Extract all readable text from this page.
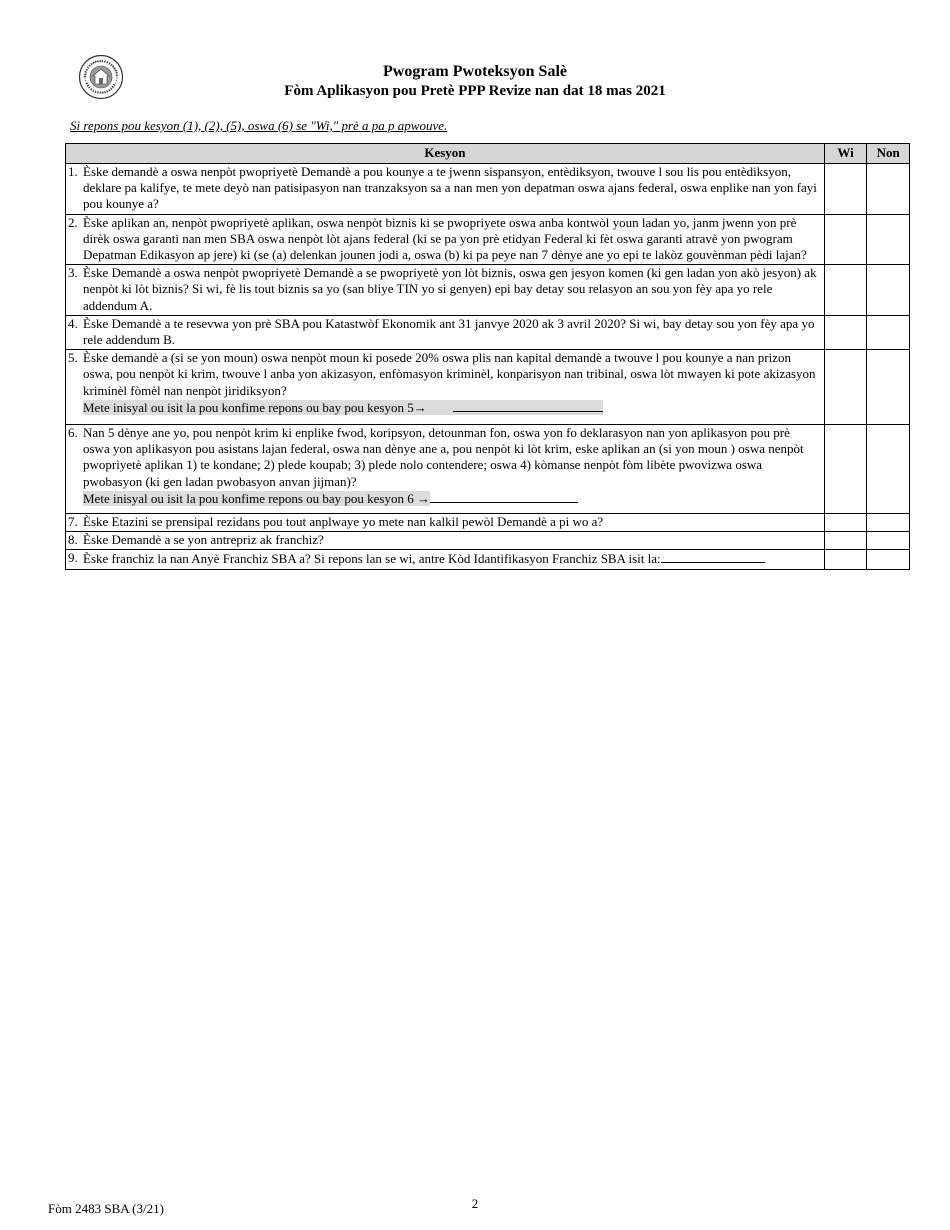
Pwogram Pwoteksyon Salè
Fòm Aplikasyon pou Pretè PPP Revize nan dat 18 mas 2021
Si repons pou kesyon (1), (2), (5), oswa (6) se "Wi," prè a pa p apwouve.
Kesyon	Wi	Non

1. Èske demandè a oswa nenpòt pwopriyetè Demandè a pou kounye a te jwenn sispansyon, entèdiksyon, twouve l sou lis pou entèdiksyon, deklare pa kalifye, te mete deyò nan patisipasyon nan tranzaksyon sa a nan men yon depatman oswa ajans federal, oswa enplike nan yon fayi pou kounye a?		

2. Èske aplikan an, nenpòt pwopriyetè aplikan, oswa nenpòt biznis ki se pwopriyete oswa anba kontwòl youn ladan yo, janm jwenn yon prè dirèk oswa garanti nan men SBA oswa nenpòt lòt ajans federal (ki se pa yon prè etidyan Federal ki fèt oswa garanti atravè yon pwogram Depatman Edikasyon ap jere) ki (se (a) delenkan jounen jodi a, oswa (b) ki pa peye nan 7 dènye ane yo epi te lakòz gouvènman pèdi lajan?		

3. Èske Demandè a oswa nenpòt pwopriyetè Demandè a se pwopriyetè yon lòt biznis, oswa gen jesyon komen (ki gen ladan yon akò jesyon) ak nenpòt ki lòt biznis? Si wi, fè lis tout biznis sa yo (san bliye TIN yo si genyen) epi bay detay sou relasyon an sou yon fèy apa yo rele addendum A.		

4. Èske Demandè a te resevwa yon prè SBA pou Katastwòf Ekonomik ant 31 janvye 2020 ak 3 avril 2020? Si wi, bay detay sou yon fèy apa yo rele addendum B.		

5. Èske demandè a (si se yon moun) oswa nenpòt moun ki posede 20% oswa plis nan kapital demandè a twouve l pou kounye a nan prizon oswa, pou nenpòt ki krim, twouve l anba yon akizasyon, enfòmasyon kriminèl, konparisyon nan tribinal, oswa lòt mwayen ki pote akizasyon kriminèl fòmèl nan nenpòt jiridiksyon?
Mete inisyal ou isit la pou konfime repons ou bay pou kesyon 5→		

6. Nan 5 dènye ane yo, pou nenpòt krim ki enplike fwod, koripsyon, detounman fon, oswa yon fo deklarasyon nan yon aplikasyon pou prè oswa yon aplikasyon pou asistans lajan federal, oswa nan dènye ane a, pou nenpòt ki lòt krim, eske aplikan an (si yon moun ) oswa nenpòt pwopriyetè aplikan 1) te kondane; 2) plede koupab; 3) plede nolo contendere; oswa 4) kòmanse nenpòt fòm libète pwovizwa oswa pwobasyon (ki gen ladan pwobasyon anvan jijman)?
Mete inisyal ou isit la pou konfime repons ou bay pou kesyon 6 →		

7. Èske Etazini se prensipal rezidans pou tout anplwaye yo mete nan kalkil pewòl Demandè a pi wo a?		

8. Èske Demandè a se yon antrepriz ak franchiz?		

9. Èske franchiz la nan Anyè Franchiz SBA a? Si repons lan se wi, antre Kòd Idantifikasyon Franchiz SBA isit la:		

Fòm 2483 SBA (3/21)	2
